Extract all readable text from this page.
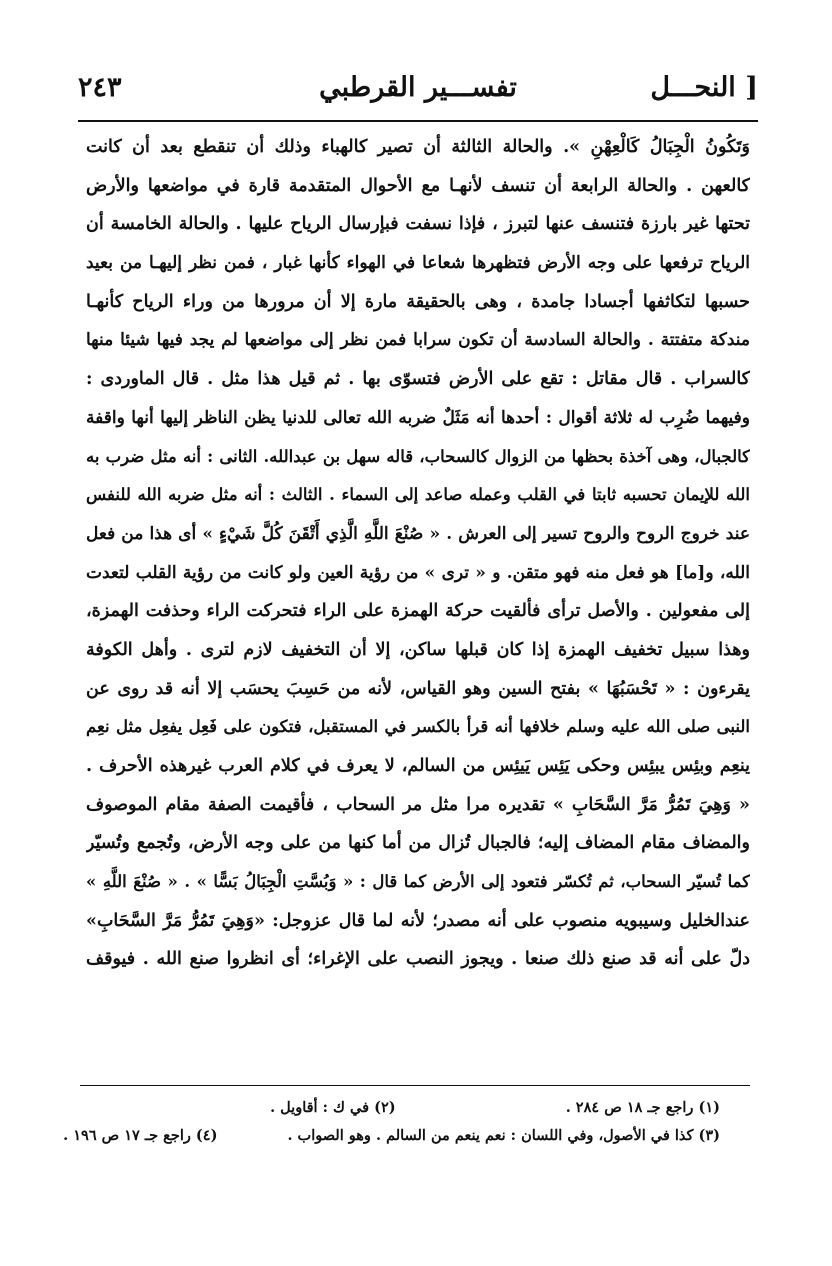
[ النحـــل
تفســـير القرطبي
٢٤٣
وَتَكُونُ الْجِبَالُ كَالْعِهْنِ ». والحالة الثالثة أن تصير كالهباء وذلك أن تنقطع بعد أن كانت
كالعهن . والحالة الرابعة أن تنسف لأنهـا مع الأحوال المتقدمة قارة في مواضعها والأرض
تحتها غير بارزة فتنسف عنها لتبرز ، فإذا نسفت فبإرسال الرياح عليها . والحالة الخامسة أن
الرياح ترفعها على وجه الأرض فتظهرها شعاعا في الهواء كأنها غبار ، فمن نظر إليهـا من بعيد
حسبها لتكاثفها أجسادا جامدة ، وهى بالحقيقة مارة إلا أن مرورها من وراء الرياح كأنهـا
مندكة متفتتة . والحالة السادسة أن تكون سرابا فمن نظر إلى مواضعها لم يجد فيها شيئا منها
كالسراب . قال مقاتل : تقع على الأرض فتسوّى بها . ثم قيل هذا مثل . قال الماوردى :
وفيهما ضُرِب له ثلاثة أقوال : أحدها أنه مَثَلٌ ضربه الله تعالى للدنيا يظن الناظر إليها أنها واقفة
كالجبال، وهى آخذة بحظها من الزوال كالسحاب، قاله سهل بن عبدالله. الثانى : أنه مثل ضرب به
الله للإيمان تحسبه ثابتا في القلب وعمله صاعد إلى السماء . الثالث : أنه مثل ضربه الله للنفس
عند خروج الروح والروح تسير إلى العرش . « صُنْعَ اللَّهِ الَّذِي أَتْقَنَ كُلَّ شَيْءٍ » أى هذا من فعل
الله، و[ما] هو فعل منه فهو متقن. و « ترى » من رؤية العين ولو كانت من رؤية القلب لتعدت
إلى مفعولين . والأصل ترأى فألقيت حركة الهمزة على الراء فتحركت الراء وحذفت الهمزة،
وهذا سبيل تخفيف الهمزة إذا كان قبلها ساكن، إلا أن التخفيف لازم لترى . وأهل الكوفة
يقرءون : « تَحْسَبُهَا » بفتح السين وهو القياس، لأنه من حَسِبَ يحسَب إلا أنه قد روى عن
النبى صلى الله عليه وسلم خلافها أنه قرأ بالكسر في المستقبل، فتكون على فَعِل يفعِل مثل نعِم
ينعِم وبئِس يبئِس وحكى يَئِس يَيئِس من السالم، لا يعرف في كلام العرب غيرهذه الأحرف .
« وَهِيَ تَمُرُّ مَرَّ السَّحَابِ » تقديره مرا مثل مر السحاب ، فأقيمت الصفة مقام الموصوف
والمضاف مقام المضاف إليه؛ فالجبال تُزال من أما كنها من على وجه الأرض، وتُجمع وتُسيّر
كما تُسيّر السحاب، ثم تُكسّر فتعود إلى الأرض كما قال : « وَبُسَّتِ الْجِبَالُ بَسًّا » . « صُنْعَ اللَّهِ »
عندالخليل وسيبويه منصوب على أنه مصدر؛ لأنه لما قال عزوجل: «وَهِيَ تَمُرُّ مَرَّ السَّحَابِ»
دلّ على أنه قد صنع ذلك صنعا . ويجوز النصب على الإغراء؛ أى انظروا صنع الله . فيوقف
(١) راجع جـ ١٨ ص ٢٨٤ .
(٢) في ك : أقاويل .
(٣) كذا في الأصول، وفي اللسان : نعم ينعم من السالم . وهو الصواب .
(٤) راجع جـ ١٧ ص ١٩٦ .
